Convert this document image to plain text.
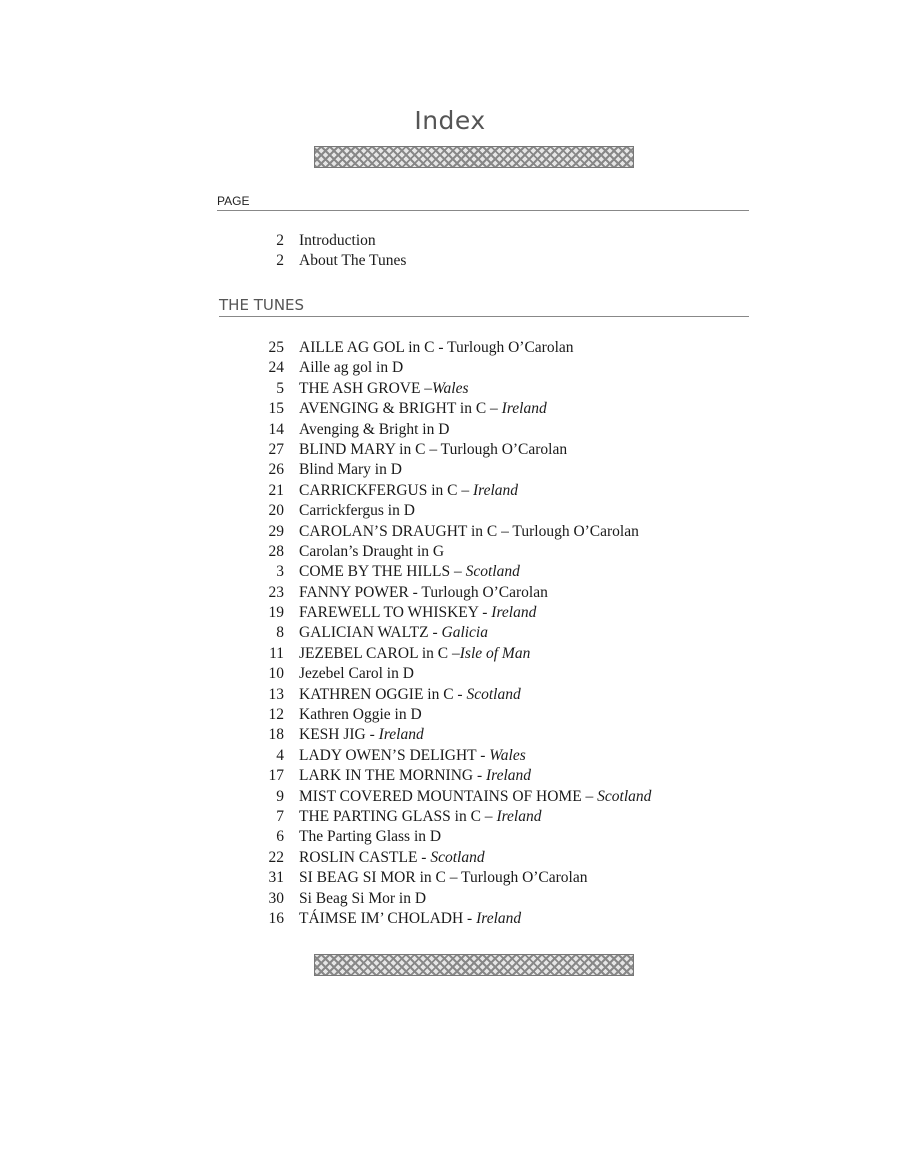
Index
PAGE
2 Introduction
2 About The Tunes
THE TUNES
25 AILLE AG GOL in C - Turlough O’Carolan
24 Aille ag gol in D
5 THE ASH GROVE –Wales
15 AVENGING & BRIGHT in C – Ireland
14 Avenging & Bright in D
27 BLIND MARY in C – Turlough O’Carolan
26 Blind Mary in D
21 CARRICKFERGUS in C – Ireland
20 Carrickfergus in D
29 CAROLAN’S DRAUGHT in C – Turlough O’Carolan
28 Carolan’s Draught in G
3 COME BY THE HILLS – Scotland
23 FANNY POWER - Turlough O’Carolan
19 FAREWELL TO WHISKEY - Ireland
8 GALICIAN WALTZ - Galicia
11 JEZEBEL CAROL in C –Isle of Man
10 Jezebel Carol in D
13 KATHREN OGGIE in C - Scotland
12 Kathren Oggie in D
18 KESH JIG - Ireland
4 LADY OWEN’S DELIGHT - Wales
17 LARK IN THE MORNING - Ireland
9 MIST COVERED MOUNTAINS OF HOME – Scotland
7 THE PARTING GLASS in C – Ireland
6 The Parting Glass in D
22 ROSLIN CASTLE - Scotland
31 SI BEAG SI MOR in C – Turlough O’Carolan
30 Si Beag Si Mor in D
16 TÁIMSE IM’ CHOLADH - Ireland
